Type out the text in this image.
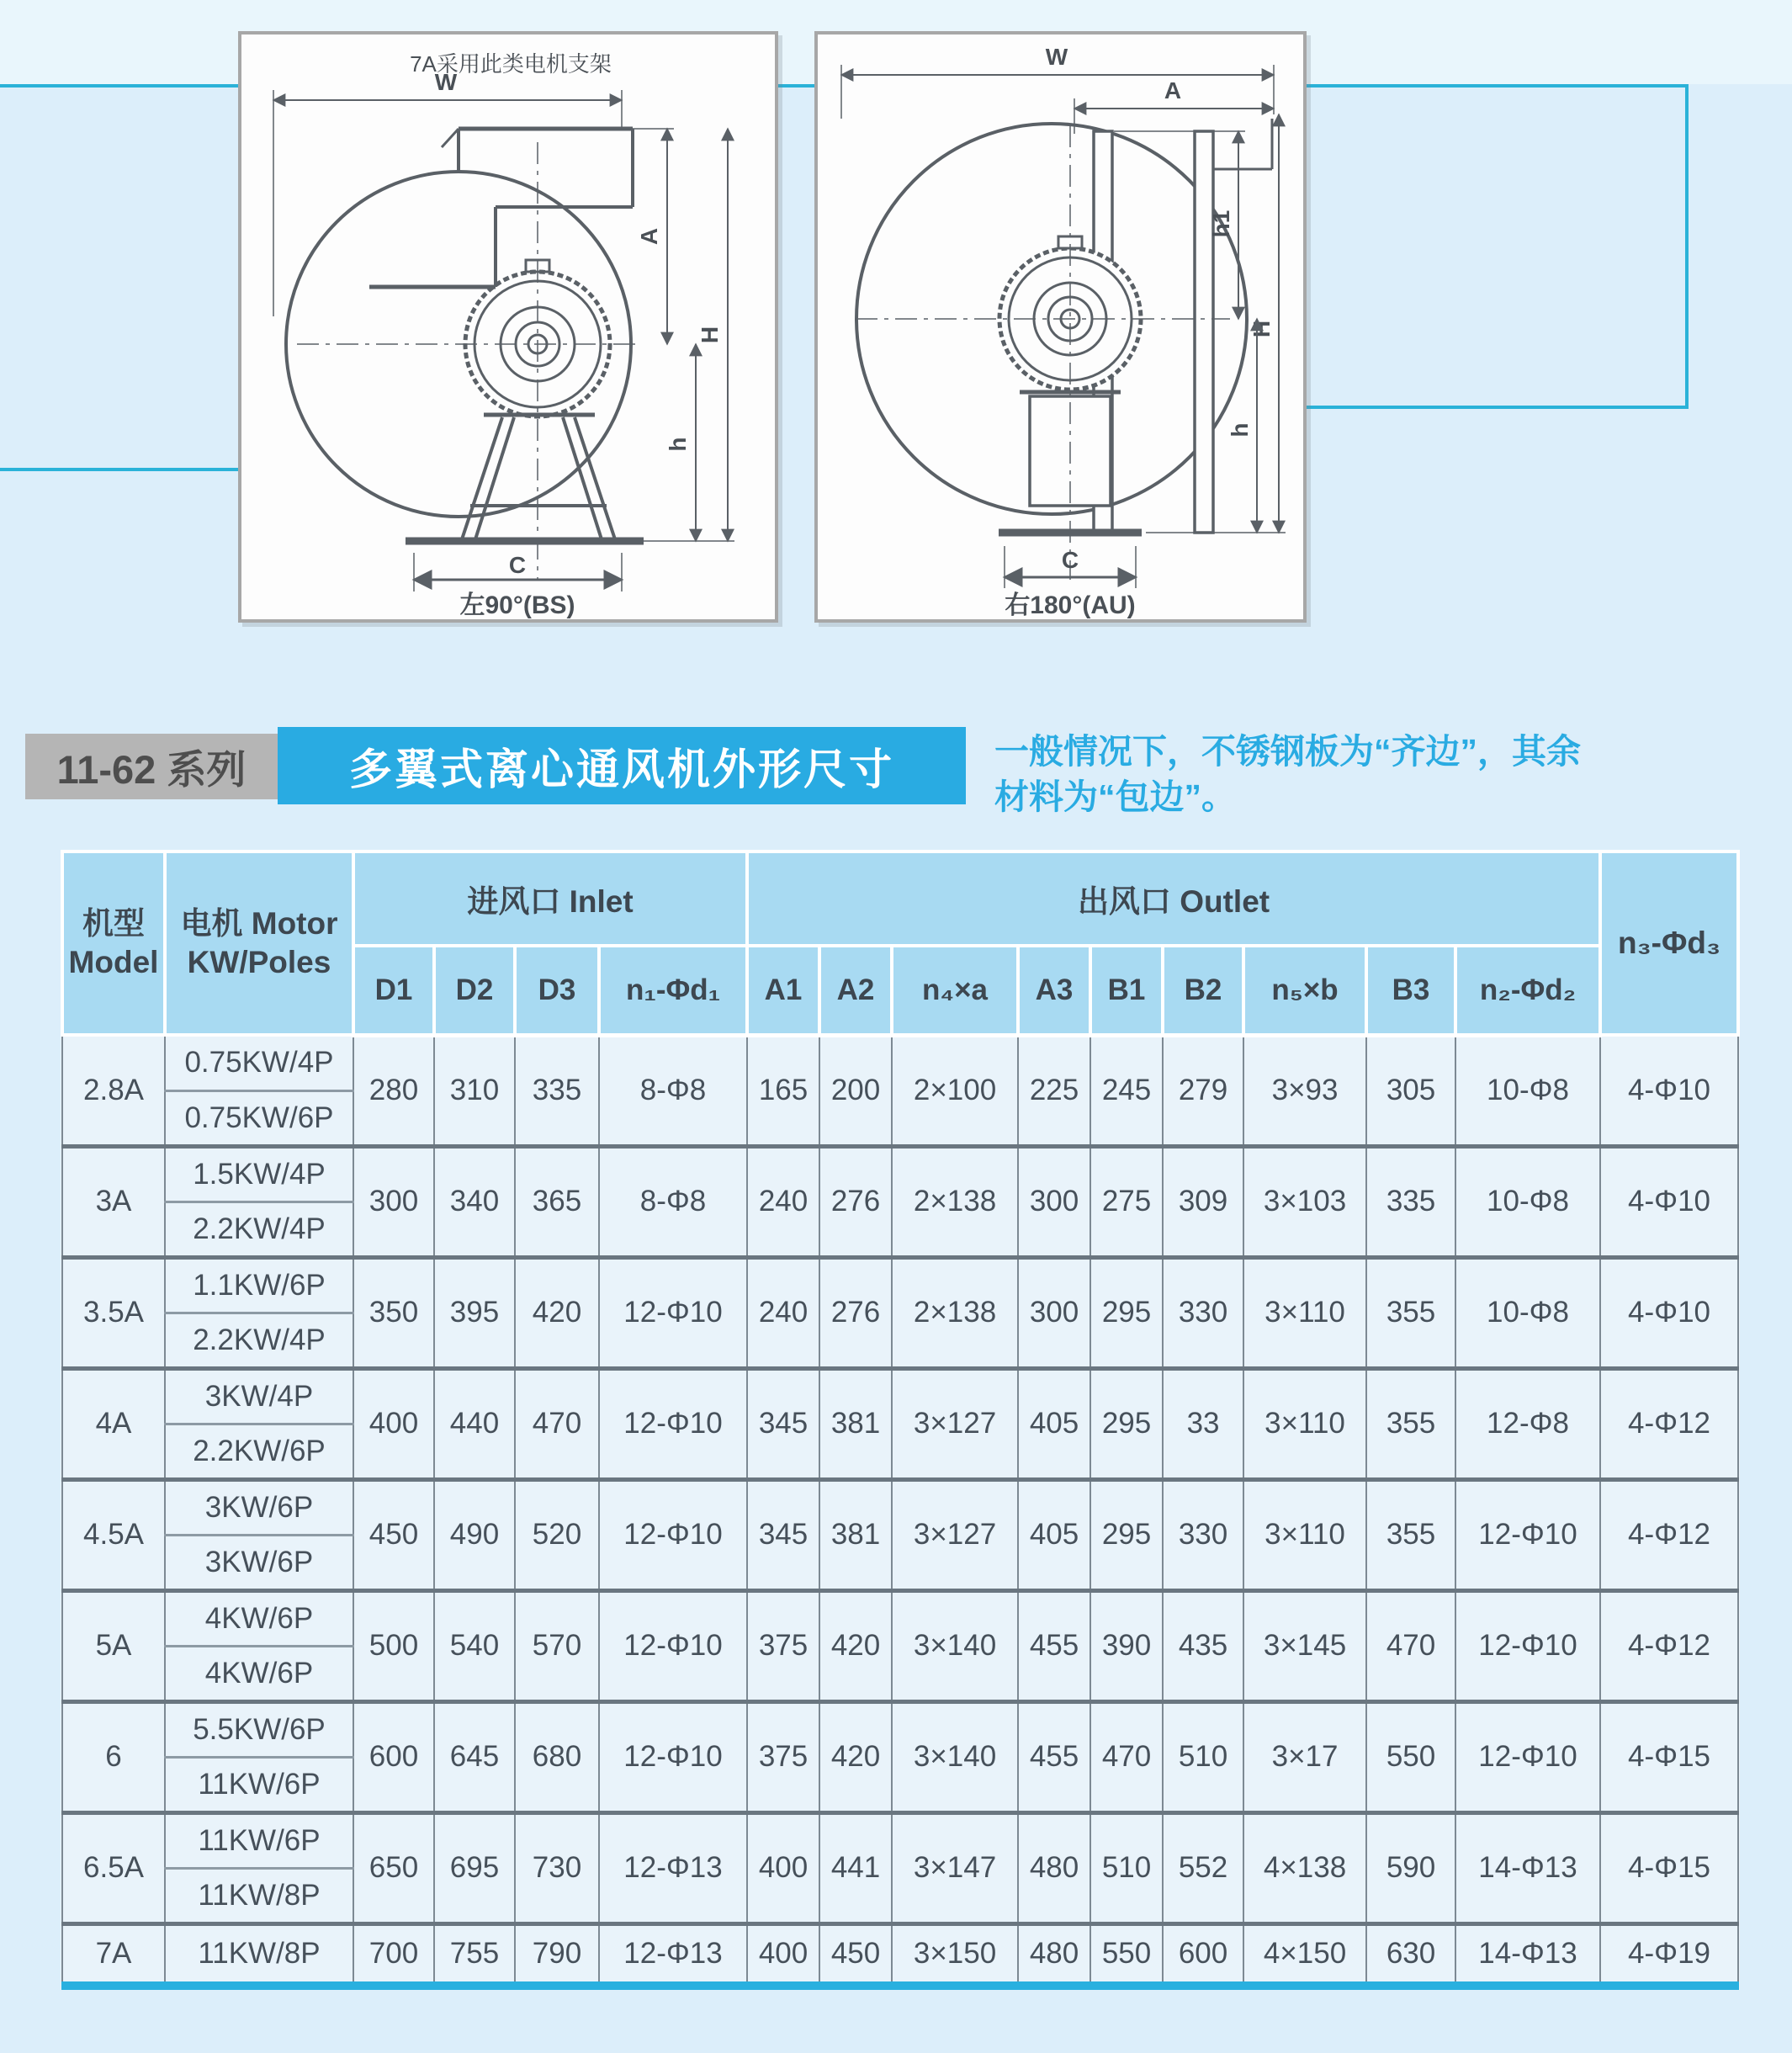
7A采用此类电机支架
W
A
H
h
C
左90°(BS)
W
A
h1
H
h
C
右180°(AU)
11-62 系列	多翼式离心通风机外形尺寸	一般情况下，不锈钢板为“齐边”，其余
材料为“包边”。
机型
Model	电机 Motor
KW/Poles	进风口 Inlet				出风口 Outlet									n₃-Φd₃
		D1	D2	D3	n₁-Φd₁	A1	A2	n₄×a	A3	B1	B2	n₅×b	B3	n₂-Φd₂	
2.8A	0.75KW/4P	280	310	335	8-Φ8	165	200	2×100	225	245	279	3×93	305	10-Φ8	4-Φ10
	0.75KW/6P														
3A	1.5KW/4P	300	340	365	8-Φ8	240	276	2×138	300	275	309	3×103	335	10-Φ8	4-Φ10
	2.2KW/4P														
3.5A	1.1KW/6P	350	395	420	12-Φ10	240	276	2×138	300	295	330	3×110	355	10-Φ8	4-Φ10
	2.2KW/4P														
4A	3KW/4P	400	440	470	12-Φ10	345	381	3×127	405	295	33	3×110	355	12-Φ8	4-Φ12
	2.2KW/6P														
4.5A	3KW/6P	450	490	520	12-Φ10	345	381	3×127	405	295	330	3×110	355	12-Φ10	4-Φ12
	3KW/6P														
5A	4KW/6P	500	540	570	12-Φ10	375	420	3×140	455	390	435	3×145	470	12-Φ10	4-Φ12
	4KW/6P														
6	5.5KW/6P	600	645	680	12-Φ10	375	420	3×140	455	470	510	3×17	550	12-Φ10	4-Φ15
	11KW/6P														
6.5A	11KW/6P	650	695	730	12-Φ13	400	441	3×147	480	510	552	4×138	590	14-Φ13	4-Φ15
	11KW/8P														
7A	11KW/8P	700	755	790	12-Φ13	400	450	3×150	480	550	600	4×150	630	14-Φ13	4-Φ19
